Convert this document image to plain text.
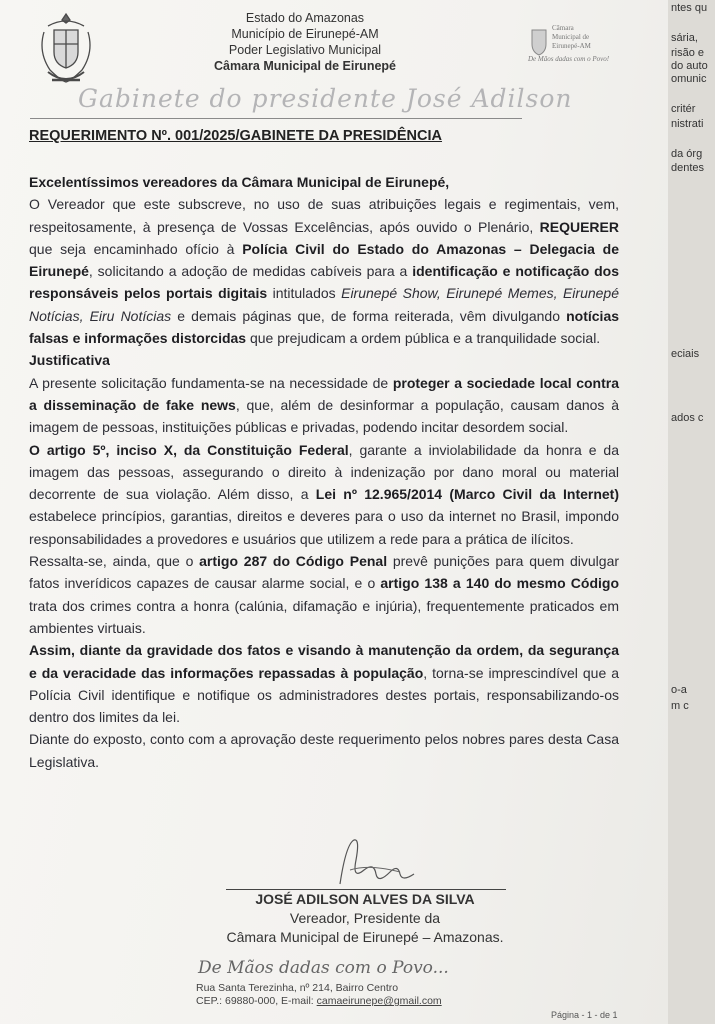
Estado do Amazonas
Município de Eirunepé-AM
Poder Legislativo Municipal
Câmara Municipal de Eirunepé
Câmara
Municipal de
Eirunepé-AM
De Mãos dadas com o Povo!
Gabinete do presidente José Adilson
REQUERIMENTO Nº. 001/2025/GABINETE DA PRESIDÊNCIA

Excelentíssimos vereadores da Câmara Municipal de Eirunepé,

O Vereador que este subscreve, no uso de suas atribuições legais e regimentais, vem, respeitosamente, à presença de Vossas Excelências, após ouvido o Plenário, REQUERER que seja encaminhado ofício à Polícia Civil do Estado do Amazonas – Delegacia de Eirunepé, solicitando a adoção de medidas cabíveis para a identificação e notificação dos responsáveis pelos portais digitais intitulados Eirunepé Show, Eirunepé Memes, Eirunepé Notícias, Eiru Notícias e demais páginas que, de forma reiterada, vêm divulgando notícias falsas e informações distorcidas que prejudicam a ordem pública e a tranquilidade social.

Justificativa

A presente solicitação fundamenta-se na necessidade de proteger a sociedade local contra a disseminação de fake news, que, além de desinformar a população, causam danos à imagem de pessoas, instituições públicas e privadas, podendo incitar desordem social.

O artigo 5º, inciso X, da Constituição Federal, garante a inviolabilidade da honra e da imagem das pessoas, assegurando o direito à indenização por dano moral ou material decorrente de sua violação. Além disso, a Lei nº 12.965/2014 (Marco Civil da Internet) estabelece princípios, garantias, direitos e deveres para o uso da internet no Brasil, impondo responsabilidades a provedores e usuários que utilizem a rede para a prática de ilícitos.

Ressalta-se, ainda, que o artigo 287 do Código Penal prevê punições para quem divulgar fatos inverídicos capazes de causar alarme social, e o artigo 138 a 140 do mesmo Código trata dos crimes contra a honra (calúnia, difamação e injúria), frequentemente praticados em ambientes virtuais.

Assim, diante da gravidade dos fatos e visando à manutenção da ordem, da segurança e da veracidade das informações repassadas à população, torna-se imprescindível que a Polícia Civil identifique e notifique os administradores destes portais, responsabilizando-os dentro dos limites da lei.

Diante do exposto, conto com a aprovação deste requerimento pelos nobres pares desta Casa Legislativa.

JOSÉ ADILSON ALVES DA SILVA
Vereador, Presidente da
Câmara Municipal de Eirunepé – Amazonas.
De Mãos dadas com o Povo...
Rua Santa Terezinha, nº 214, Bairro Centro
CEP.: 69880-000, E-mail: camaeirunepe@gmail.com
Página - 1 - de 1
ntes qu
sária,
risão e
do auto
omunic
critér
nistrati
da órg
dentes
eciais
ados c
o-a
m c
